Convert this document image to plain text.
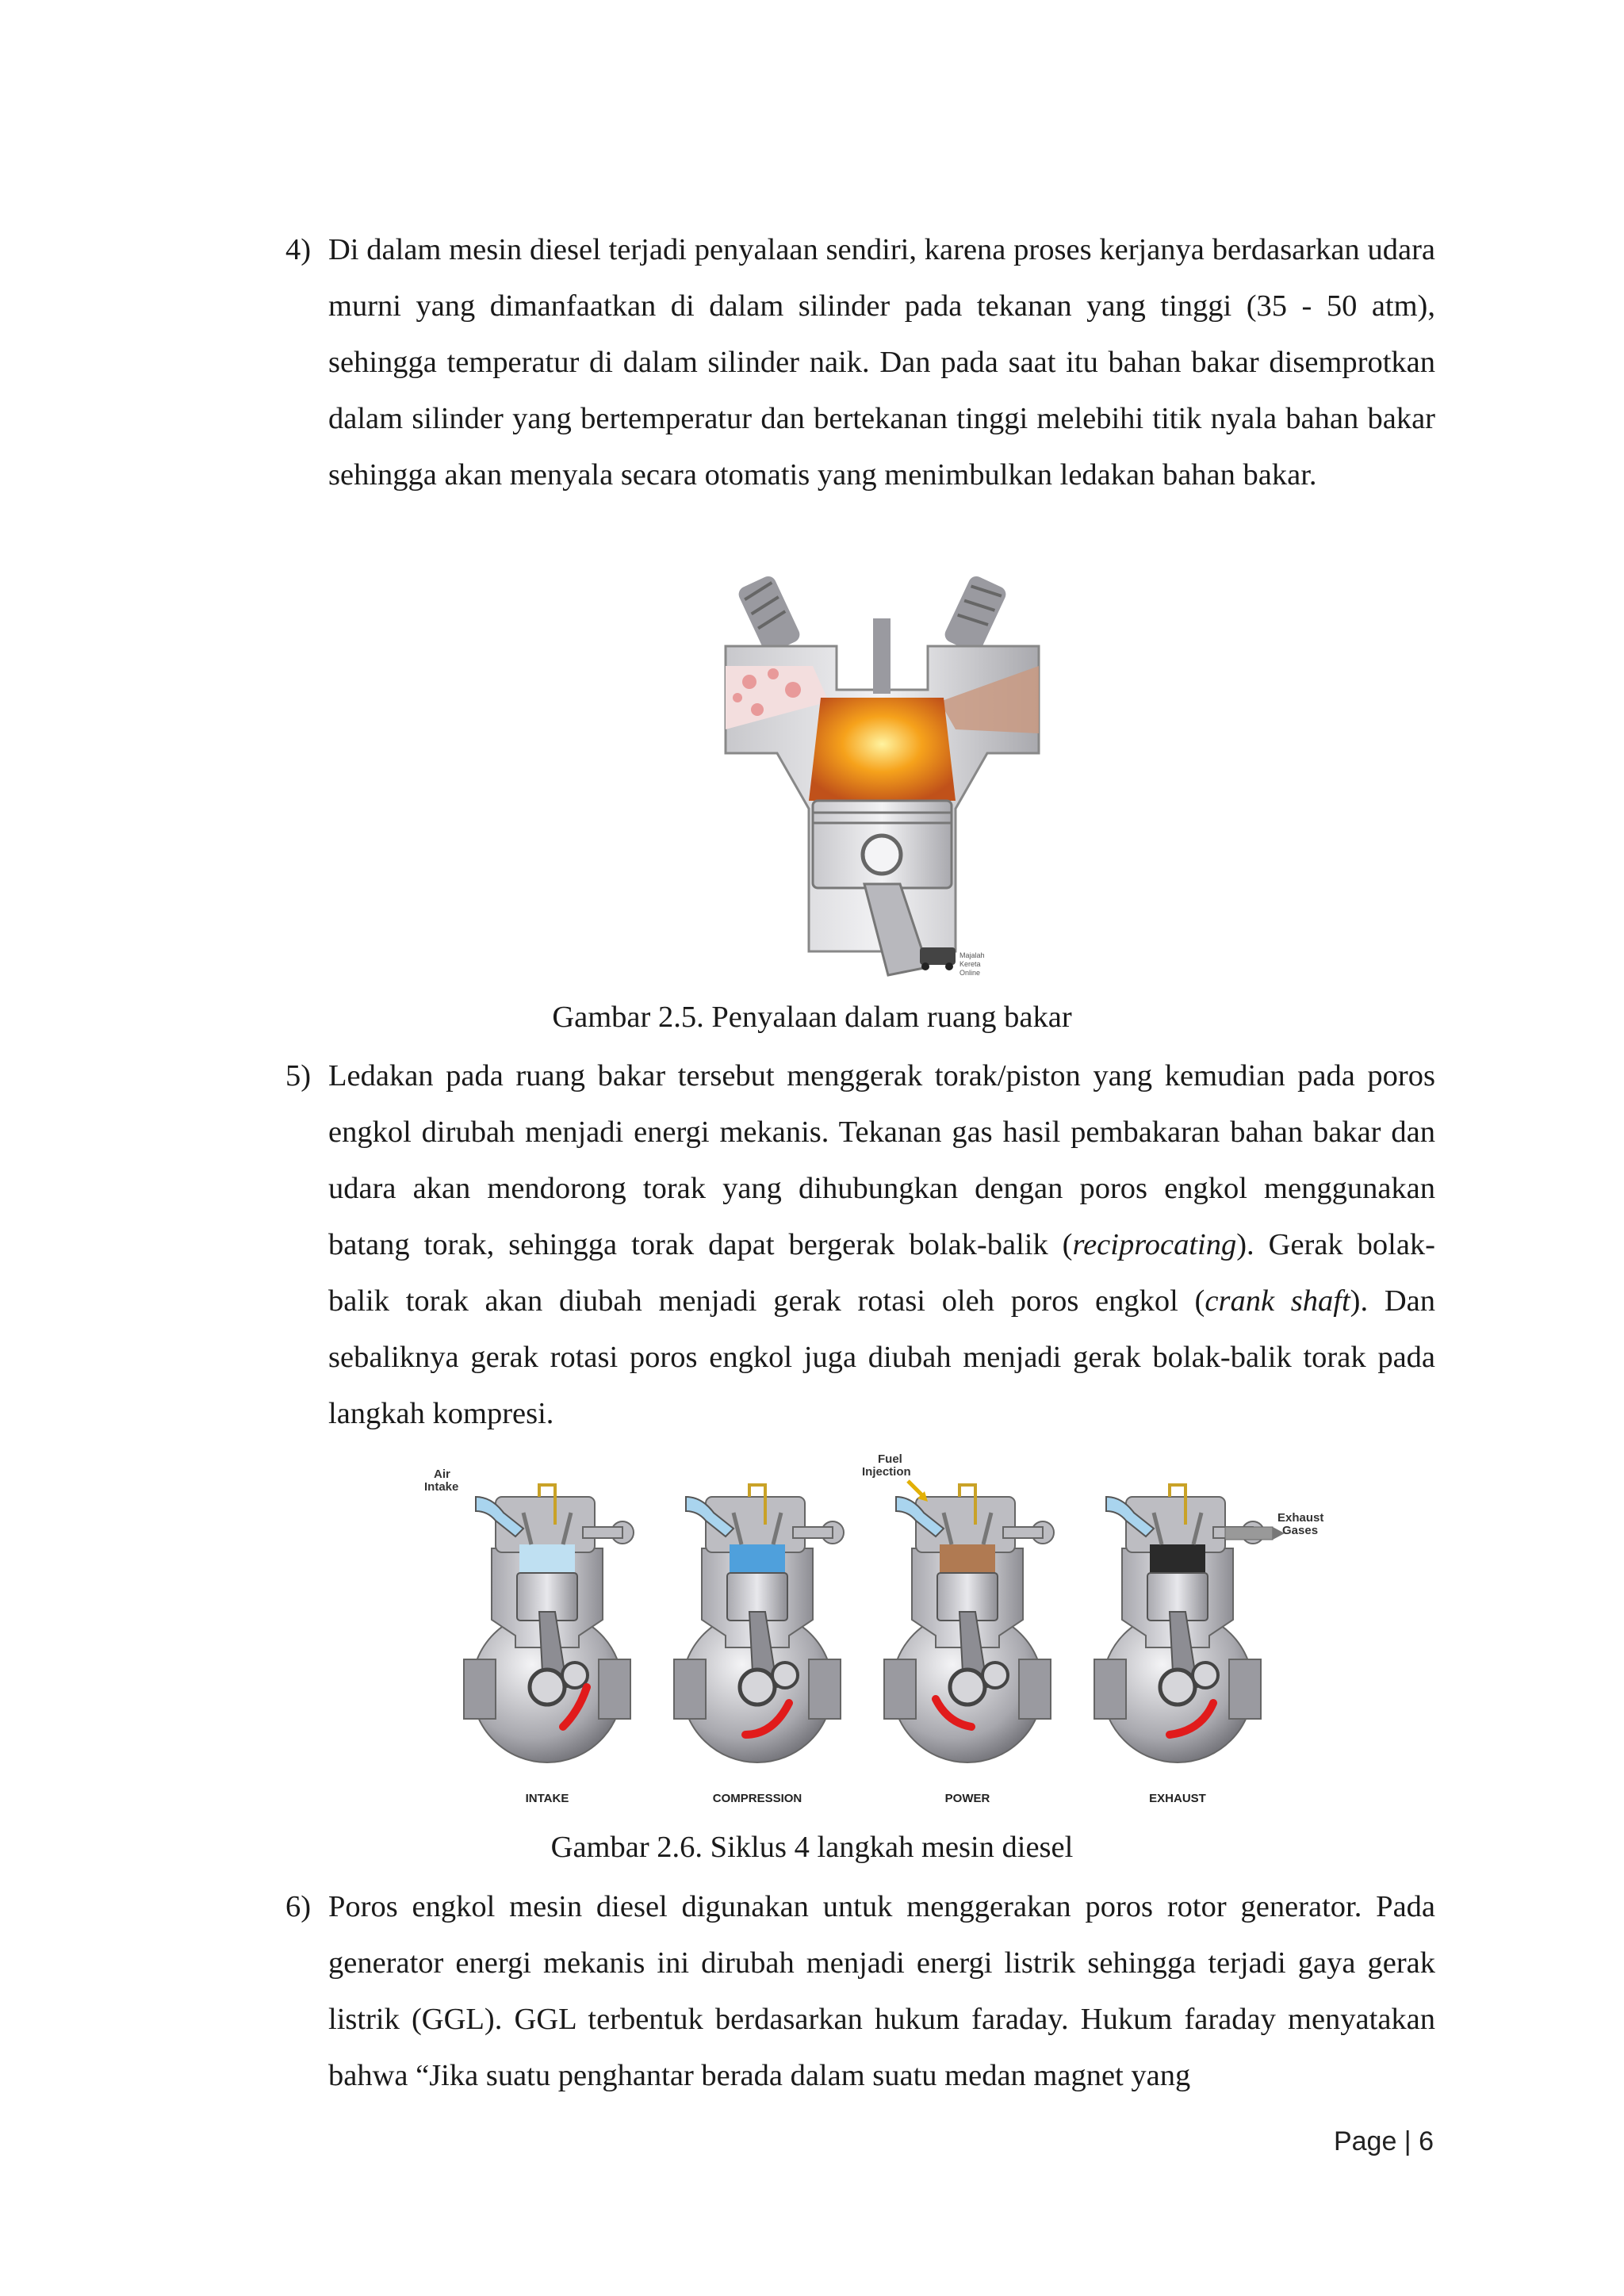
4) Di dalam mesin diesel terjadi penyalaan sendiri, karena proses kerjanya berdasarkan udara murni yang dimanfaatkan di dalam silinder pada tekanan yang tinggi (35 - 50 atm), sehingga temperatur di dalam silinder naik. Dan pada saat itu bahan bakar disemprotkan dalam silinder yang bertemperatur dan bertekanan tinggi melebihi titik nyala bahan bakar sehingga akan menyala secara otomatis yang menimbulkan ledakan bahan bakar.
Majalah
Kereta
Online
Gambar 2.5. Penyalaan dalam ruang bakar
5) Ledakan pada ruang bakar tersebut menggerak torak/piston yang kemudian pada poros engkol dirubah menjadi energi mekanis. Tekanan gas hasil pembakaran bahan bakar dan udara akan mendorong torak yang dihubungkan dengan poros engkol menggunakan batang torak, sehingga torak dapat bergerak bolak-balik (reciprocating). Gerak bolak-balik torak akan diubah menjadi gerak rotasi oleh poros engkol (crank shaft). Dan sebaliknya gerak rotasi poros engkol juga diubah menjadi gerak bolak-balik torak pada langkah kompresi.
INTAKE	COMPRESSION	POWER	EXHAUST
Air
Intake
Fuel
Injection
Exhaust
Gases
Gambar 2.6. Siklus 4 langkah mesin diesel
6) Poros engkol mesin diesel digunakan untuk menggerakan poros rotor generator. Pada generator energi mekanis ini dirubah menjadi energi listrik sehingga terjadi gaya gerak listrik (GGL). GGL terbentuk berdasarkan hukum faraday. Hukum faraday menyatakan bahwa “Jika suatu penghantar berada dalam suatu medan magnet yang
Page | 6
